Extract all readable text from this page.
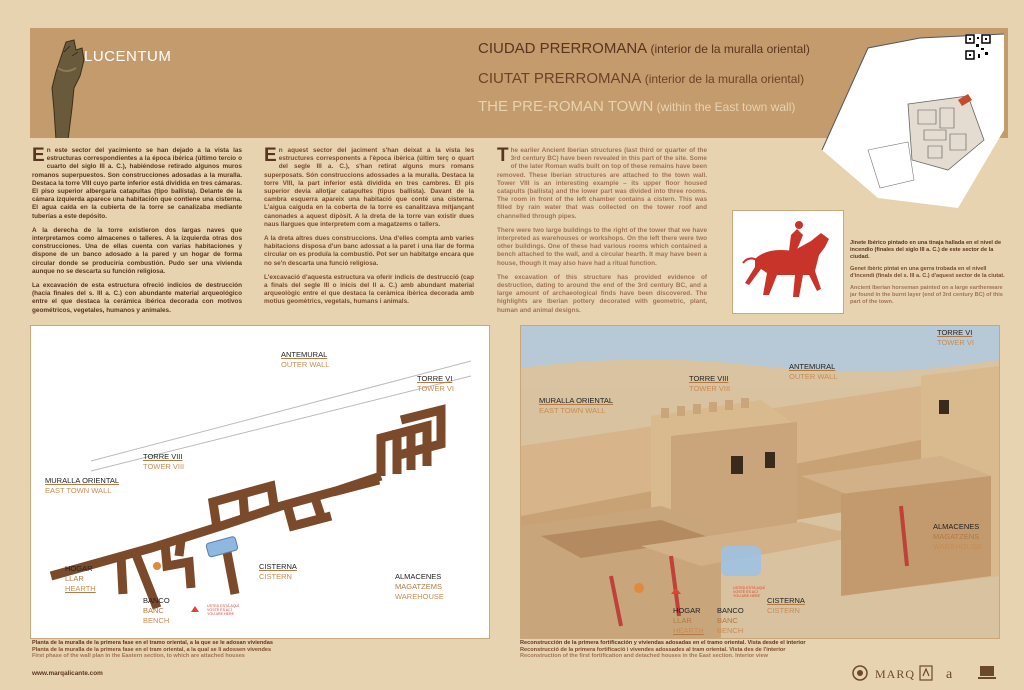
LUCENTUM	CIUDAD PRERROMANA (interior de la muralla oriental)
CIUTAT PRERROMANA (interior de la muralla oriental)
THE PRE-ROMAN TOWN (within the East town wall)

En este sector del yacimiento se han dejado a la vista las estructuras correspondientes a la época ibérica (último tercio o cuarto del siglo III a. C.), habiéndose retirado algunos muros romanos superpuestos. Son construcciones adosadas a la muralla. Destaca la torre VIII cuyo parte inferior está dividida en tres cámaras. El piso superior albergaría catapultas (tipo ballista). Delante de la cámara izquierda aparece una habitación que contiene una cisterna. El agua caída en la cubierta de la torre se canalizaba mediante tuberías a este depósito.

A la derecha de la torre existieron dos largas naves que interpretamos como almacenes o talleres. A la izquierda otras dos construcciones. Una de ellas cuenta con varias habitaciones y dispone de un banco adosado a la pared y un hogar de forma circular donde se produciría combustión. Pudo ser una vivienda aunque no se descarta su función religiosa.

La excavación de esta estructura ofreció indicios de destrucción (hacia finales del s. III a. C.) con abundante material arqueológico entre el que destaca la cerámica ibérica decorada con motivos geométricos, vegetales, humanos y animales.

En aquest sector del jaciment s'han deixat a la vista les estructures corresponents a l'època ibèrica (últim terç o quart del segle III a. C.), s'han retirat alguns murs romans superposats. Són construccions adossades a la muralla. Destaca la torre VIII, la part inferior està dividida en tres cambres. El pis superior devia allotjar catapultes (tipus ballista). Davant de la cambra esquerra apareix una habitació que conté una cisterna. L'aigua caiguda en la coberta de la torre es canalitzava mitjançant canonades a aquest dipòsit. A la dreta de la torre van existir dues naus llargues que interpretem com a magatzems o tallers.

A la dreta altres dues construccions. Una d'elles compta amb varies habitacions disposa d'un banc adossat a la paret i una llar de forma circular on es produïa la combustió. Pot ser un habitatge encara que no se'n descarta una funció religiosa.

L'excavació d'aquesta estructura va oferir indicis de destrucció (cap a finals del segle III o inicis del II a. C.) amb abundant material arqueològic entre el que destaca la ceràmica ibèrica decorada amb motius geomètrics, vegetals, humans i animals.

The earlier Ancient Iberian structures (last third or quarter of the 3rd century BC) have been revealed in this part of the site. Some of the later Roman walls built on top of these remains have been removed. These Iberian structures are attached to the town wall. Tower VIII is an interesting example – its upper floor housed catapults (ballista) and the lower part was divided into three rooms. The room in front of the left chamber contains a cistern. This was filled by rain water that was collected on the tower roof and channelled through pipes.

There were two large buildings to the right of the tower that we have interpreted as warehouses or workshops. On the left there were two other buildings. One of these had various rooms which contained a bench attached to the wall, and a circular hearth. It may have been a house, though it may also have had a ritual function.

The excavation of this structure has provided evidence of destruction, dating to around the end of the 3rd century BC, and a large amount of archaeological finds have been discovered. The highlights are Iberian pottery decorated with geometric, plant, human and animal designs.

Jinete Ibérico pintado en una tinaja hallada en el nivel de incendio (finales del siglo III a. C.) de este sector de la ciudad.

Genet ibèric pintat en una gerra trobada en el nivell d'incendi (finals del s. III a. C.) d'aquest sector de la ciutat.

Ancient Iberian horseman painted on a large earthenware jar found in the burnt layer (end of 3rd century BC) of this part of the town.

ANTEMURAL
OUTER WALL
TORRE VI
TOWER VI
TORRE VIII
TOWER VIII
MURALLA ORIENTAL
EAST TOWN WALL
HOGAR
LLAR
HEARTH
BANCO
BANC
BENCH
CISTERNA
CISTERN	ALMACENES
MAGATZEMS
WAREHOUSE
USTED ESTÁ AQUÍ
VOSTÈ ÉS ACÍ
YOU ARE HERE
TORRE VI
TOWER VI
ANTEMURAL
OUTER WALL
TORRE VIII
TOWER VIII
MURALLA ORIENTAL
EAST TOWN WALL
ALMACENES
MAGATZENS
WAREHOUSE
CISTERNA
CISTERN
HOGAR
LLAR
HEARTH
BANCO
BANC
BENCH
USTED ESTÁ AQUÍ
VOSTÈ ÉS ACÍ
YOU ARE HERE
Planta de la muralla de la primera fase en el tramo oriental, a la que se le adosan viviendas
Planta de la muralla de la primera fase en el tram oriental, a la qual se li adossen vivendes
First phase of the wall plan in the Eastern section, to which are attached houses
Reconstrucción de la primera fortificación y viviendas adosadas en el tramo oriental. Vista desde el interior
Reconstrucció de la primera fortificació i vivendes adossades al tram oriental. Vista des de l'interior
Reconstruction of the first fortification and detached houses in the East section. Interior view
www.marqalicante.com	MARQ a
